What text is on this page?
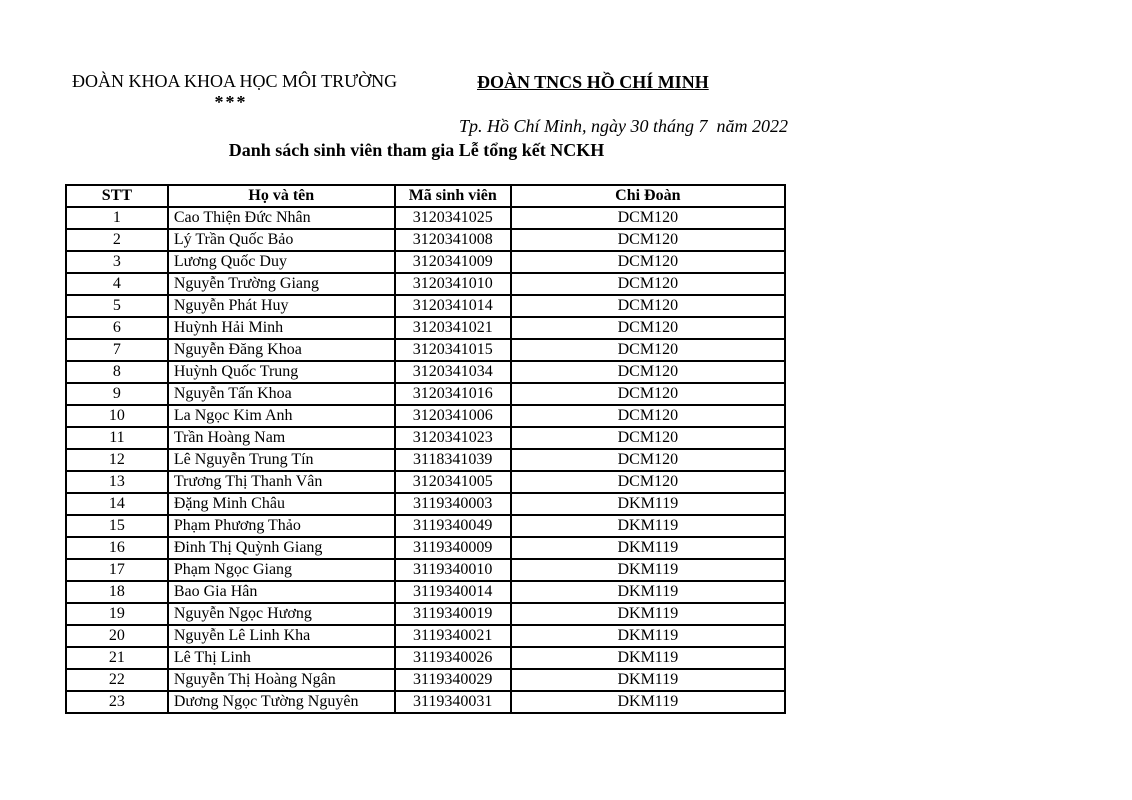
ĐOÀN KHOA KHOA HỌC MÔI TRƯỜNG
***
ĐOÀN TNCS HỒ CHÍ MINH
Tp. Hồ Chí Minh, ngày 30 tháng 7  năm 2022
Danh sách sinh viên tham gia Lễ tổng kết NCKH
STT	Họ và tên	Mã sinh viên	Chi Đoàn
1	Cao Thiện Đức Nhân	3120341025	DCM120
2	Lý Trần Quốc Bảo	3120341008	DCM120
3	Lương Quốc Duy	3120341009	DCM120
4	Nguyễn Trường Giang	3120341010	DCM120
5	Nguyễn Phát Huy	3120341014	DCM120
6	Huỳnh Hải Minh	3120341021	DCM120
7	Nguyễn Đăng Khoa	3120341015	DCM120
8	Huỳnh Quốc Trung	3120341034	DCM120
9	Nguyễn Tấn Khoa	3120341016	DCM120
10	La Ngọc Kim Anh	3120341006	DCM120
11	Trần Hoàng Nam	3120341023	DCM120
12	Lê Nguyễn Trung Tín	3118341039	DCM120
13	Trương Thị Thanh Vân	3120341005	DCM120
14	Đặng Minh Châu	3119340003	DKM119
15	Phạm Phương Thảo	3119340049	DKM119
16	Đinh Thị Quỳnh Giang	3119340009	DKM119
17	Phạm Ngọc Giang	3119340010	DKM119
18	Bao Gia Hân	3119340014	DKM119
19	Nguyễn Ngọc Hương	3119340019	DKM119
20	Nguyễn Lê Linh Kha	3119340021	DKM119
21	Lê Thị Linh	3119340026	DKM119
22	Nguyễn Thị Hoàng Ngân	3119340029	DKM119
23	Dương Ngọc Tường Nguyên	3119340031	DKM119
